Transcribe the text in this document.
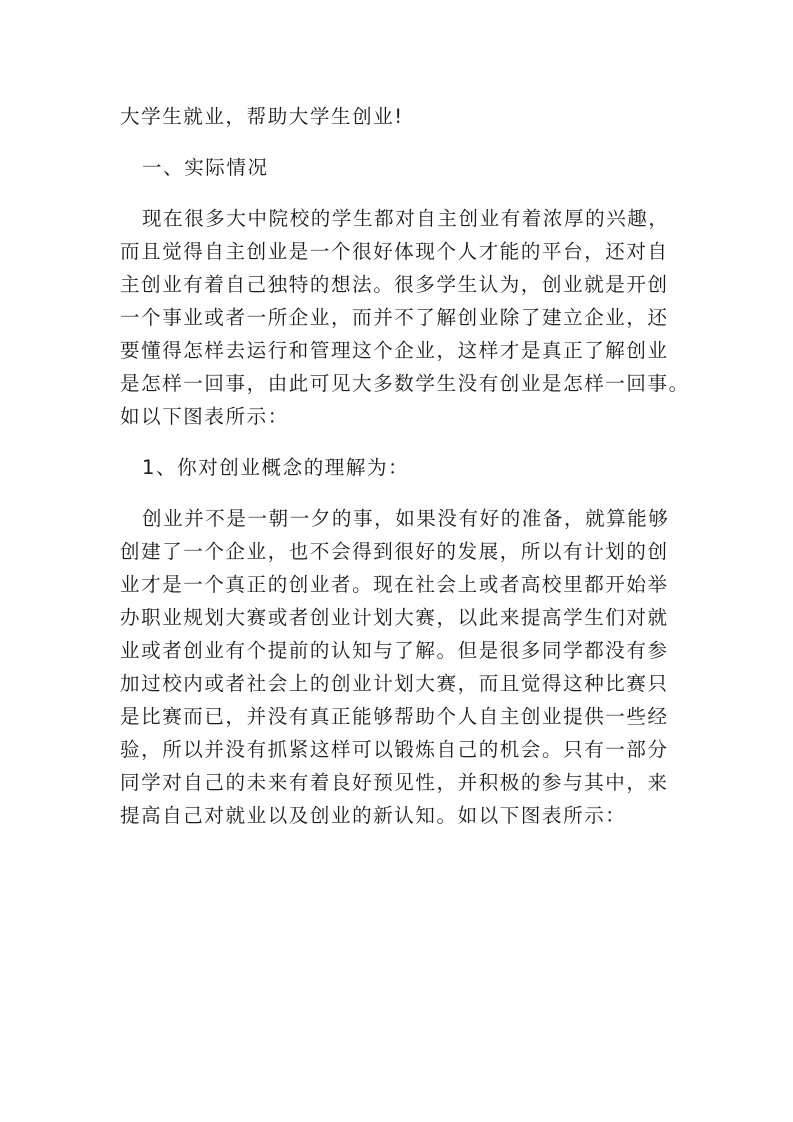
大学生就业，帮助大学生创业!
一、实际情况
现在很多大中院校的学生都对自主创业有着浓厚的兴趣，
而且觉得自主创业是一个很好体现个人才能的平台，还对自
主创业有着自己独特的想法。很多学生认为，创业就是开创
一个事业或者一所企业，而并不了解创业除了建立企业，还
要懂得怎样去运行和管理这个企业，这样才是真正了解创业
是怎样一回事，由此可见大多数学生没有创业是怎样一回事。
如以下图表所示：
1、你对创业概念的理解为：
创业并不是一朝一夕的事，如果没有好的准备，就算能够
创建了一个企业，也不会得到很好的发展，所以有计划的创
业才是一个真正的创业者。现在社会上或者高校里都开始举
办职业规划大赛或者创业计划大赛，以此来提高学生们对就
业或者创业有个提前的认知与了解。但是很多同学都没有参
加过校内或者社会上的创业计划大赛，而且觉得这种比赛只
是比赛而已，并没有真正能够帮助个人自主创业提供一些经
验，所以并没有抓紧这样可以锻炼自己的机会。只有一部分
同学对自己的未来有着良好预见性，并积极的参与其中，来
提高自己对就业以及创业的新认知。如以下图表所示：
